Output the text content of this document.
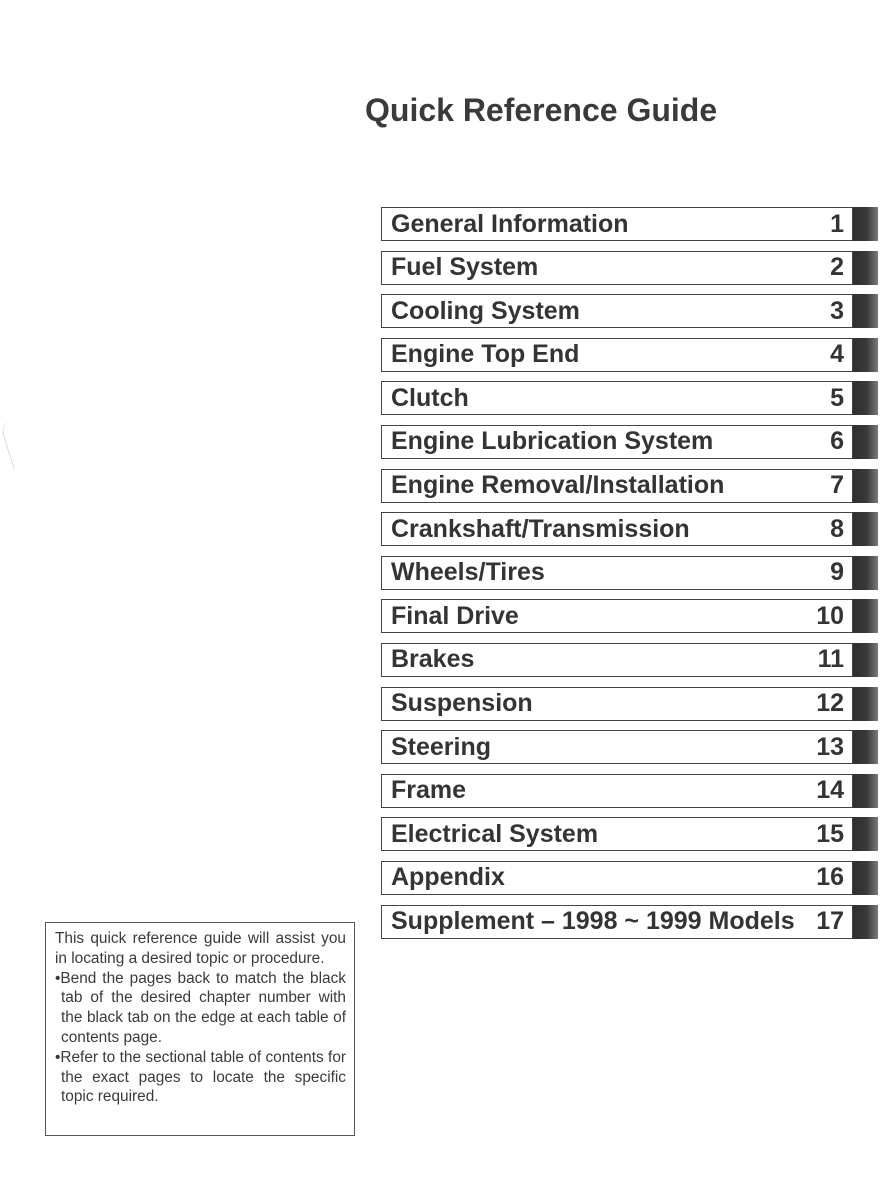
Quick Reference Guide
General Information	1
Fuel System	2
Cooling System	3
Engine Top End	4
Clutch	5
Engine Lubrication System	6
Engine Removal/Installation	7
Crankshaft/Transmission	8
Wheels/Tires	9
Final Drive	10
Brakes	11
Suspension	12
Steering	13
Frame	14
Electrical System	15
Appendix	16
Supplement – 1998 ~ 1999 Models 17

This quick reference guide will assist you in locating a desired topic or procedure.

•Bend the pages back to match the black tab of the desired chapter number with the black tab on the edge at each table of contents page.

•Refer to the sectional table of contents for the exact pages to locate the specific topic required.
